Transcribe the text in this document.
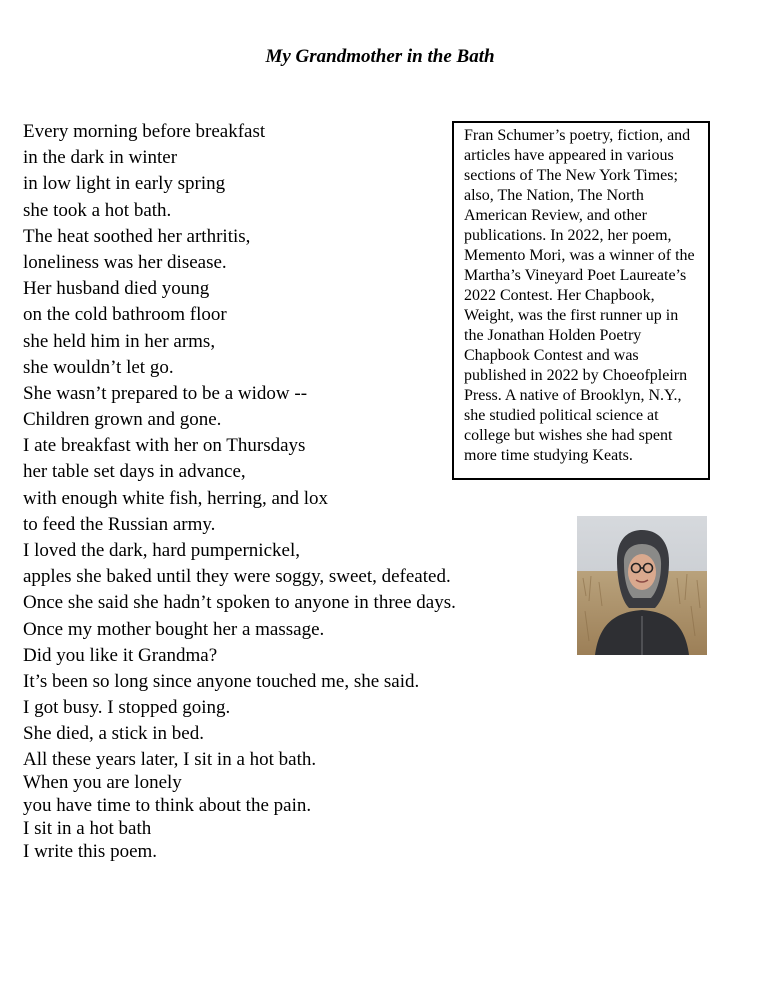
My Grandmother in the Bath
Every morning before breakfast
in the dark in winter
in low light in early spring
she took a hot bath.
The heat soothed her arthritis,
loneliness was her disease.
Her husband died young
on the cold bathroom floor
she held him in her arms,
she wouldn’t let go.
She wasn’t prepared to be a widow --
Children grown and gone.
I ate breakfast with her on Thursdays
her table set days in advance,
with enough white fish, herring, and lox
to feed the Russian army.
I loved the dark, hard pumpernickel,
apples she baked until they were soggy, sweet, defeated.
Once she said she hadn’t spoken to anyone in three days.
Once my mother bought her a massage.
Did you like it Grandma?
It’s been so long since anyone touched me, she said.
I got busy. I stopped going.
She died, a stick in bed.
All these years later, I sit in a hot bath.
When you are lonely
you have time to think about the pain.
I sit in a hot bath
I write this poem.
Fran Schumer’s poetry, fiction, and articles have appeared in various sections of The New York Times; also, The Nation, The North American Review, and other publications. In 2022, her poem, Memento Mori, was a winner of the Martha’s Vineyard Poet Laureate’s 2022 Contest. Her Chapbook, Weight, was the first runner up in the Jonathan Holden Poetry Chapbook Contest and was published in 2022 by Choeofpleirn Press. A native of Brooklyn, N.Y., she studied political science at college but wishes she had spent more time studying Keats.
